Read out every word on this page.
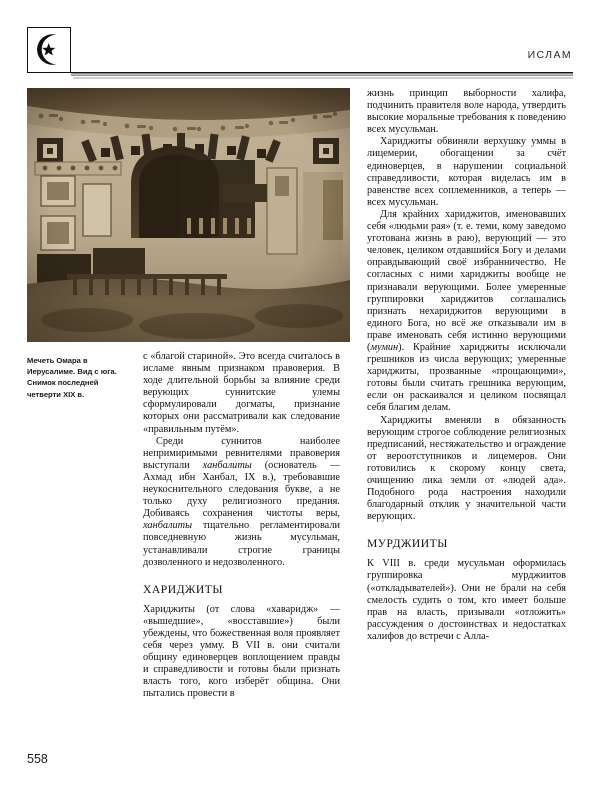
ИСЛАМ
Мечеть Омара в Иерусалиме. Вид с юга. Снимок последней четверти XIX в.

с «благой стариной». Это всегда считалось в исламе явным признаком правоверия. В ходе длительной борьбы за влияние среди верующих суннитские улемы сформулировали догматы, признание которых они рассматривали как следование «правильным путём».

Среди суннитов наиболее непримиримыми ревнителями правоверия выступали ханбалиты (основатель — Ахмад ибн Ханбал, IX в.), требовавшие неукоснительного следования букве, а не только духу религиозного предания. Добиваясь сохранения чистоты веры, ханбалиты тщательно регламентировали повседневную жизнь мусульман, устанавливали строгие границы дозволенного и недозволенного.

ХАРИДЖИТЫ

Хариджиты (от слова «хаваридж» — «вышедшие», «восставшие») были убеждены, что божественная воля проявляет себя через умму. В VII в. они считали общину единоверцев воплощением правды и справедливости и готовы были признать власть того, кого изберёт община. Они пытались провести в

жизнь принцип выборности халифа, подчинить правителя воле народа, утвердить высокие моральные требования к поведению всех мусульман.

Хариджиты обвиняли верхушку уммы в лицемерии, обогащении за счёт единоверцев, в нарушении социальной справедливости, которая виделась им в равенстве всех соплеменников, а теперь — всех мусульман.

Для крайних хариджитов, именовавших себя «людьми рая» (т. е. теми, кому заведомо уготована жизнь в раю), верующий — это человек, целиком отдавшийся Богу и делами оправдывающий своё избранничество. Не согласных с ними хариджиты вообще не признавали верующими. Более умеренные группировки хариджитов соглашались признать нехариджитов верующими в единого Бога, но всё же отказывали им в праве именовать себя истинно верующими (мумин). Крайние хариджиты исключали грешников из числа верующих; умеренные хариджиты, прозванные «прощающими», готовы были считать грешника верующим, если он раскаивался и целиком посвящал себя благим делам.

Хариджиты вменяли в обязанность верующим строгое соблюдение религиозных предписаний, нестяжательство и ограждение от вероотступников и лицемеров. Они готовились к скорому концу света, очищению лика земли от «людей ада». Подобного рода настроения находили благодарный отклик у значительной части верующих.

МУРДЖИИТЫ

К VIII в. среди мусульман оформилась группировка мурджиитов («откладывателей»). Они не брали на себя смелость судить о том, кто имеет больше прав на власть, призывали «отложить» рассуждения о достоинствах и недостатках халифов до встречи с Алла-

558
